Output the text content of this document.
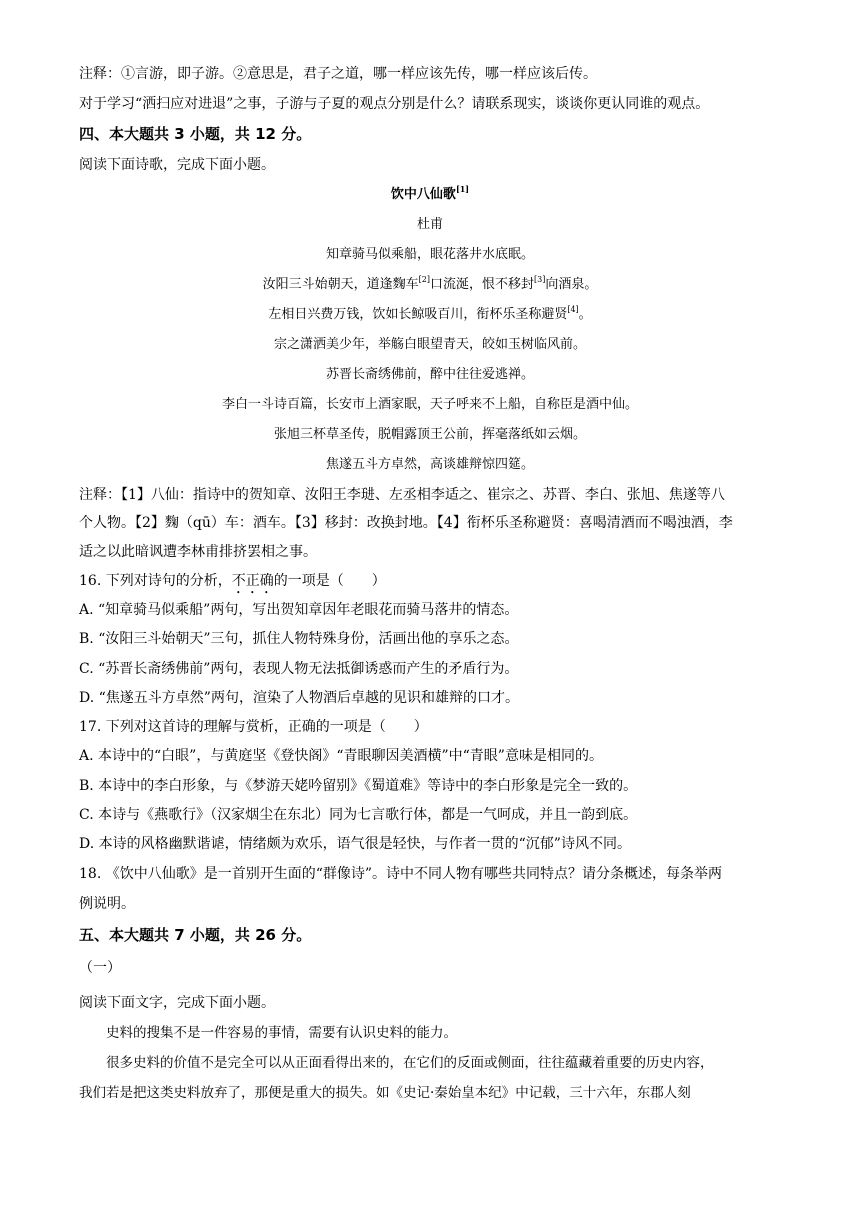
注释：①言游，即子游。②意思是，君子之道，哪一样应该先传，哪一样应该后传。
对于学习“洒扫应对进退”之事，子游与子夏的观点分别是什么？请联系现实，谈谈你更认同谁的观点。
四、本大题共 3 小题，共 12 分。
阅读下面诗歌，完成下面小题。
饮中八仙歌[1]
杜甫
知章骑马似乘船，眼花落井水底眠。
汝阳三斗始朝天，道逢麴车[2]口流涎，恨不移封[3]向酒泉。
左相日兴费万钱，饮如长鲸吸百川，衔杯乐圣称避贤[4]。
宗之潇洒美少年，举觞白眼望青天，皎如玉树临风前。
苏晋长斋绣佛前，醉中往往爱逃禅。
李白一斗诗百篇，长安市上酒家眠，天子呼来不上船，自称臣是酒中仙。
张旭三杯草圣传，脱帽露顶王公前，挥毫落纸如云烟。
焦遂五斗方卓然，高谈雄辩惊四筵。
注释：【1】八仙：指诗中的贺知章、汝阳王李琎、左丞相李适之、崔宗之、苏晋、李白、张旭、焦遂等八
个人物。【2】麴（qū）车：酒车。【3】移封：改换封地。【4】衔杯乐圣称避贤：喜喝清酒而不喝浊酒，李
适之以此暗讽遭李林甫排挤罢相之事。
16. 下列对诗句的分析，不正确的一项是（　　）
A. “知章骑马似乘船”两句，写出贺知章因年老眼花而骑马落井的情态。
B. “汝阳三斗始朝天”三句，抓住人物特殊身份，活画出他的享乐之态。
C. “苏晋长斋绣佛前”两句，表现人物无法抵御诱惑而产生的矛盾行为。
D. “焦遂五斗方卓然”两句，渲染了人物酒后卓越的见识和雄辩的口才。
17. 下列对这首诗的理解与赏析，正确的一项是（　　）
A. 本诗中的“白眼”，与黄庭坚《登快阁》“青眼聊因美酒横”中“青眼”意味是相同的。
B. 本诗中的李白形象，与《梦游天姥吟留别》《蜀道难》等诗中的李白形象是完全一致的。
C. 本诗与《燕歌行》（汉家烟尘在东北）同为七言歌行体，都是一气呵成，并且一韵到底。
D. 本诗的风格幽默谐谑，情绪颇为欢乐，语气很是轻快，与作者一贯的“沉郁”诗风不同。
18. 《饮中八仙歌》是一首别开生面的“群像诗”。诗中不同人物有哪些共同特点？请分条概述，每条举两
例说明。
五、本大题共 7 小题，共 26 分。
（一）
阅读下面文字，完成下面小题。
史料的搜集不是一件容易的事情，需要有认识史料的能力。
很多史料的价值不是完全可以从正面看得出来的，在它们的反面或侧面，往往蕴藏着重要的历史内容，
我们若是把这类史料放弃了，那便是重大的损失。如《史记·秦始皇本纪》中记载，三十六年，东郡人刻
